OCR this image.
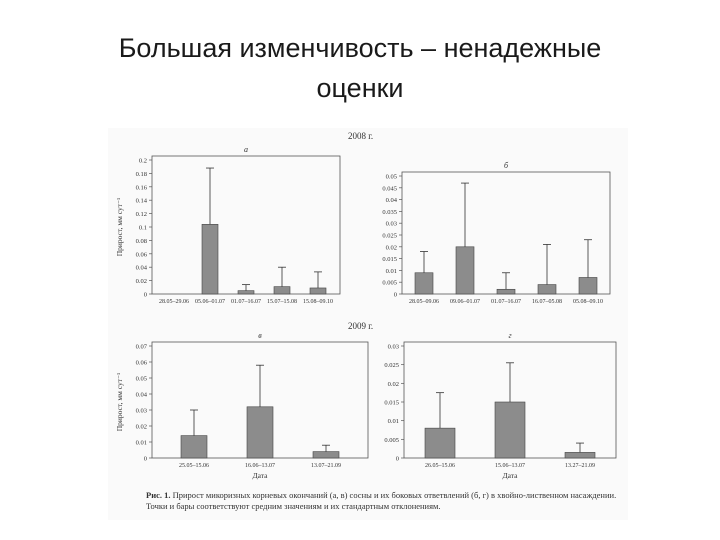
Большая изменчивость – ненадежные
оценки
2008 г.
2009 г.
0
0.02
0.04
0.06
0.08
0.1
0.12
0.14
0.16
0.18
0.2
Прирост, мм сут⁻¹
а
28.05–29.06 05.06–01.07 01.07–16.07 15.07–15.08 15.08–09.10
0
0.005
0.01
0.015
0.02
0.025
0.03
0.035
0.04
0.045
0.05
б
28.05–09.06 09.06–01.07 01.07–16.07 16.07–05.08 05.08–09.10
0
0.01
0.02
0.03
0.04
0.05
0.06
0.07
Прирост, мм сут⁻¹
в
25.05–15.06	16.06–13.07	13.07–21.09
Дата
0
0.005
0.01
0.015
0.02
0.025
0.03
г
26.05–15.06	15.06–13.07	13.27–21.09
Дата
Рис. 1. Прирост микоризных корневых окончаний (а, в) сосны и их боковых ответвлений (б, г) в хвойно-лиственном насаждении. Точки и бары соответствуют средним значениям и их стандартным отклонениям.
